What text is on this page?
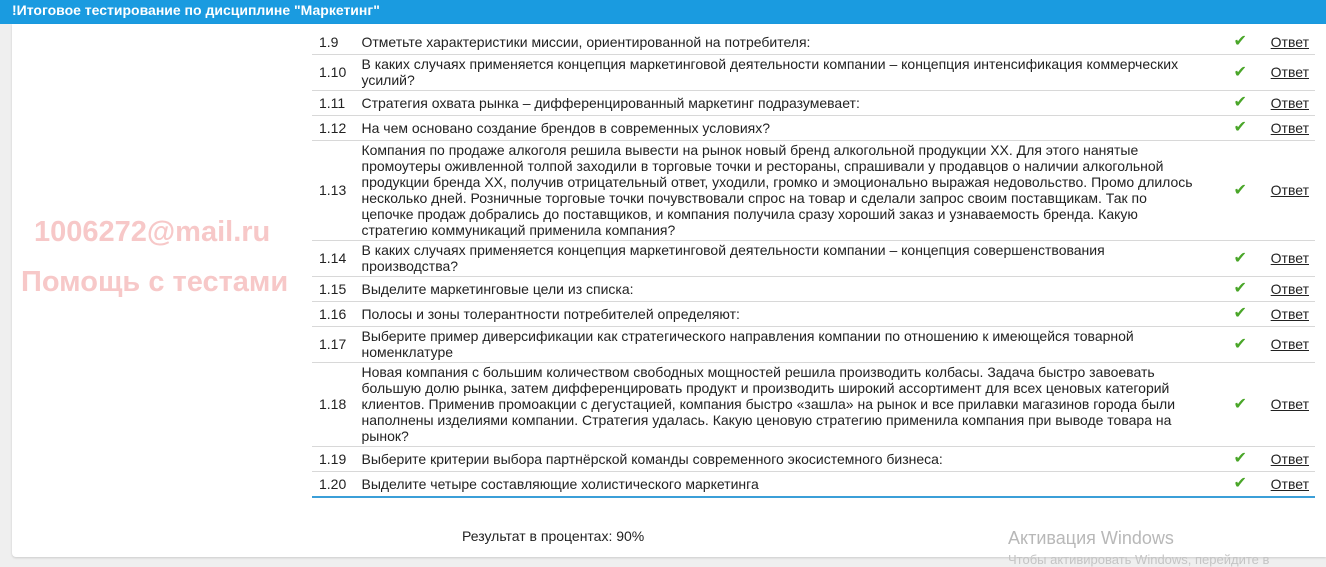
!Итоговое тестирование по дисциплине "Маркетинг"
1006272@mail.ru
Помощь с тестами
1.9	Отметьте характеристики миссии, ориентированной на потребителя:	✔	Ответ
1.10	В каких случаях применяется концепция маркетинговой деятельности компании – концепция интенсификация коммерческих усилий?	✔	Ответ
1.11	Стратегия охвата рынка – дифференцированный маркетинг подразумевает:	✔	Ответ
1.12	На чем основано создание брендов в современных условиях?	✔	Ответ
1.13	Компания по продаже алкоголя решила вывести на рынок новый бренд алкогольной продукции ХХ. Для этого нанятые промоутеры оживленной толпой заходили в торговые точки и рестораны, спрашивали у продавцов о наличии алкогольной продукции бренда ХХ, получив отрицательный ответ, уходили, громко и эмоционально выражая недовольство. Промо длилось несколько дней. Розничные торговые точки почувствовали спрос на товар и сделали запрос своим поставщикам. Так по цепочке продаж добрались до поставщиков, и компания получила сразу хороший заказ и узнаваемость бренда. Какую стратегию коммуникаций применила компания?	✔	Ответ
1.14	В каких случаях применяется концепция маркетинговой деятельности компании – концепция совершенствования производства?	✔	Ответ
1.15	Выделите маркетинговые цели из списка:	✔	Ответ
1.16	Полосы и зоны толерантности потребителей определяют:	✔	Ответ
1.17	Выберите пример диверсификации как стратегического направления компании по отношению к имеющейся товарной номенклатуре	✔	Ответ
1.18	Новая компания с большим количеством свободных мощностей решила производить колбасы. Задача быстро завоевать большую долю рынка, затем дифференцировать продукт и производить широкий ассортимент для всех ценовых категорий клиентов. Применив промоакции с дегустацией, компания быстро «зашла» на рынок и все прилавки магазинов города были наполнены изделиями компании. Стратегия удалась. Какую ценовую стратегию применила компания при выводе товара на рынок?	✔	Ответ
1.19	Выберите критерии выбора партнёрской команды современного экосистемного бизнеса:	✔	Ответ
1.20	Выделите четыре составляющие холистического маркетинга	✔	Ответ
Результат в процентах: 90%	Активация Windows
Чтобы активировать Windows, перейдите в
